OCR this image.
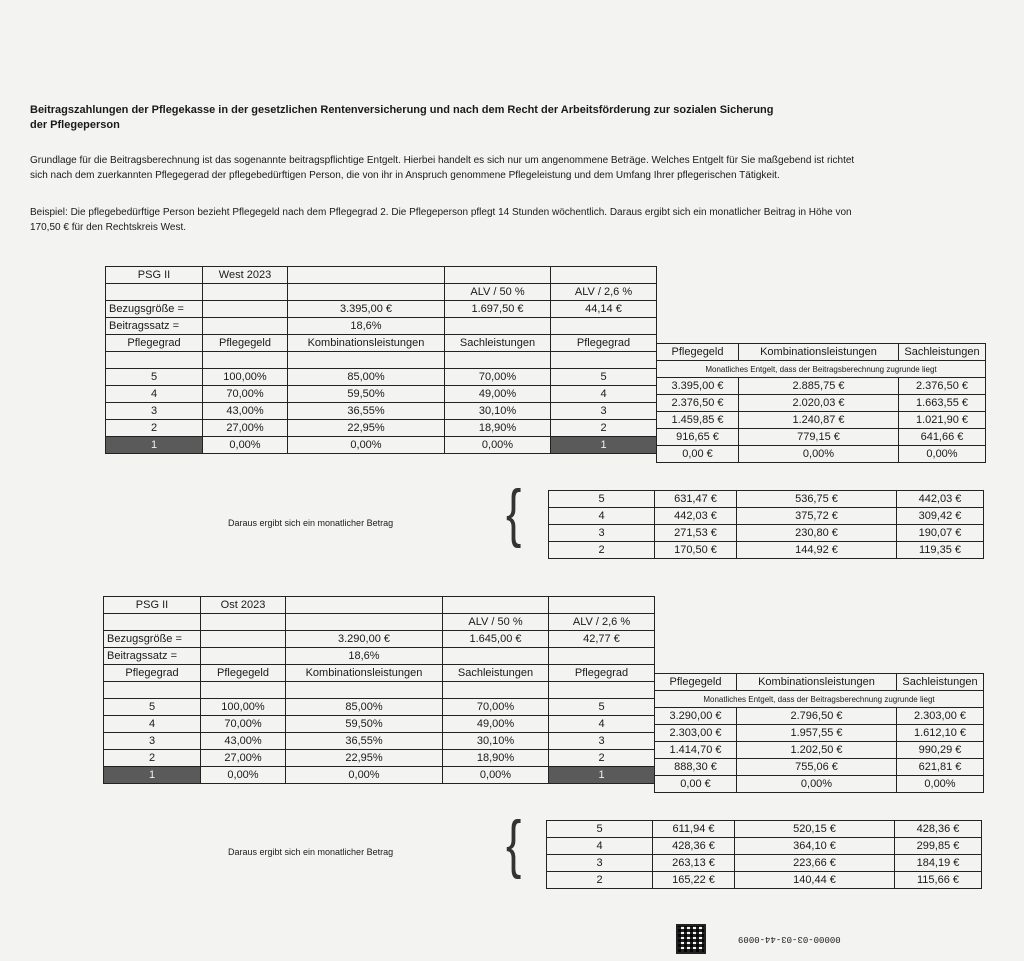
Beitragszahlungen der Pflegekasse in der gesetzlichen Rentenversicherung und nach dem Recht der Arbeitsförderung zur sozialen Sicherung
der Pflegeperson
Grundlage für die Beitragsberechnung ist das sogenannte beitragspflichtige Entgelt. Hierbei handelt es sich nur um angenommene Beträge. Welches Entgelt für Sie maßgebend ist richtet
sich nach dem zuerkannten Pflegegerad der pflegebedürftigen Person, die von ihr in Anspruch genommene Pflegeleistung und dem Umfang Ihrer pflegerischen Tätigkeit.
Beispiel: Die pflegebedürftige Person bezieht Pflegegeld nach dem Pflegegrad 2. Die Pflegeperson pflegt 14 Stunden wöchentlich. Daraus ergibt sich ein monatlicher Beitrag in Höhe von
170,50 € für den Rechtskreis West.
PSG II	West 2023			
			ALV / 50 %	ALV / 2,6 %
Bezugsgröße =		3.395,00 €	1.697,50 €	44,14 €
Beitragssatz =		18,6%		
Pflegegrad	Pflegegeld	Kombinationsleistungen	Sachleistungen	Pflegegrad

5	100,00%	85,00%	70,00%	5
4	70,00%	59,50%	49,00%	4
3	43,00%	36,55%	30,10%	3
2	27,00%	22,95%	18,90%	2
1	0,00%	0,00%	0,00%	1
Pflegegeld	Kombinationsleistungen	Sachleistungen
Monatliches Entgelt, dass der Beitragsberechnung zugrunde liegt		
3.395,00 €	2.885,75 €	2.376,50 €
2.376,50 €	2.020,03 €	1.663,55 €
1.459,85 €	1.240,87 €	1.021,90 €
916,65 €	779,15 €	641,66 €
0,00 €	0,00%	0,00%
Daraus ergibt sich ein monatlicher Betrag {	5	631,47 €	536,75 €	442,03 €
4	442,03 €	375,72 €	309,42 €
3	271,53 €	230,80 €	190,07 €
2	170,50 €	144,92 €	119,35 €
PSG II	Ost 2023			
			ALV / 50 %	ALV / 2,6 %
Bezugsgröße =		3.290,00 €	1.645,00 €	42,77 €
Beitragssatz =		18,6%		
Pflegegrad	Pflegegeld	Kombinationsleistungen	Sachleistungen	Pflegegrad

5	100,00%	85,00%	70,00%	5
4	70,00%	59,50%	49,00%	4
3	43,00%	36,55%	30,10%	3
2	27,00%	22,95%	18,90%	2
1	0,00%	0,00%	0,00%	1
Pflegegeld	Kombinationsleistungen	Sachleistungen
Monatliches Entgelt, dass der Beitragsberechnung zugrunde liegt		
3.290,00 €	2.796,50 €	2.303,00 €
2.303,00 €	1.957,55 €	1.612,10 €
1.414,70 €	1.202,50 €	990,29 €
888,30 €	755,06 €	621,81 €
0,00 €	0,00%	0,00%
Daraus ergibt sich ein monatlicher Betrag {	5	611,94 €	520,15 €	428,36 €
4	428,36 €	364,10 €	299,85 €
3	263,13 €	223,66 €	184,19 €
2	165,22 €	140,44 €	115,66 €
00000-03-03-44-0009
